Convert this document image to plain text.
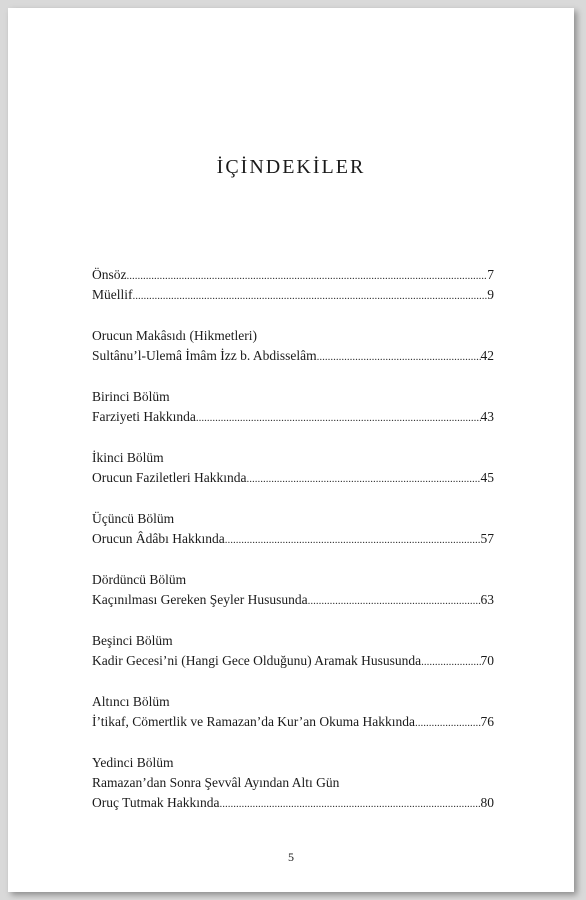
İÇİNDEKİLER
Önsöz .....	7
Müellif .....	9
Orucun Makâsıdı (Hikmetleri)
Sultânu’l-Ulemâ İmâm İzz b. Abdisselâm .....	42
Birinci Bölüm
Farziyeti Hakkında .....	43
İkinci Bölüm
Orucun Faziletleri Hakkında .....	45
Üçüncü Bölüm
Orucun Âdâbı Hakkında .....	57
Dördüncü Bölüm
Kaçınılması Gereken Şeyler Hususunda .....	63
Beşinci Bölüm
Kadir Gecesi’ni (Hangi Gece Olduğunu) Aramak Hususunda .....	70
Altıncı Bölüm
İ’tikaf, Cömertlik ve Ramazan’da Kur’an Okuma Hakkında .....	76
Yedinci Bölüm
Ramazan’dan Sonra Şevvâl Ayından Altı Gün
Oruç Tutmak Hakkında .....	80
5
